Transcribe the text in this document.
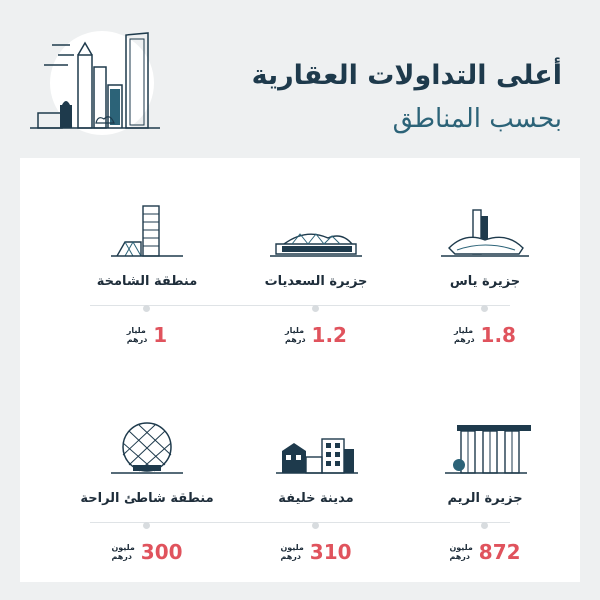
أعلى التداولات العقارية
بحسب المناطق
جزيرة ياس
مليار
درهم 1.8
جزيرة السعديات
مليار
درهم 1.2
منطقة الشامخة
مليار
درهم 1
جزيرة الريم
مليون
درهم 872
مدينة خليفة
مليون
درهم 310
منطقة شاطئ الراحة
مليون
درهم 300
